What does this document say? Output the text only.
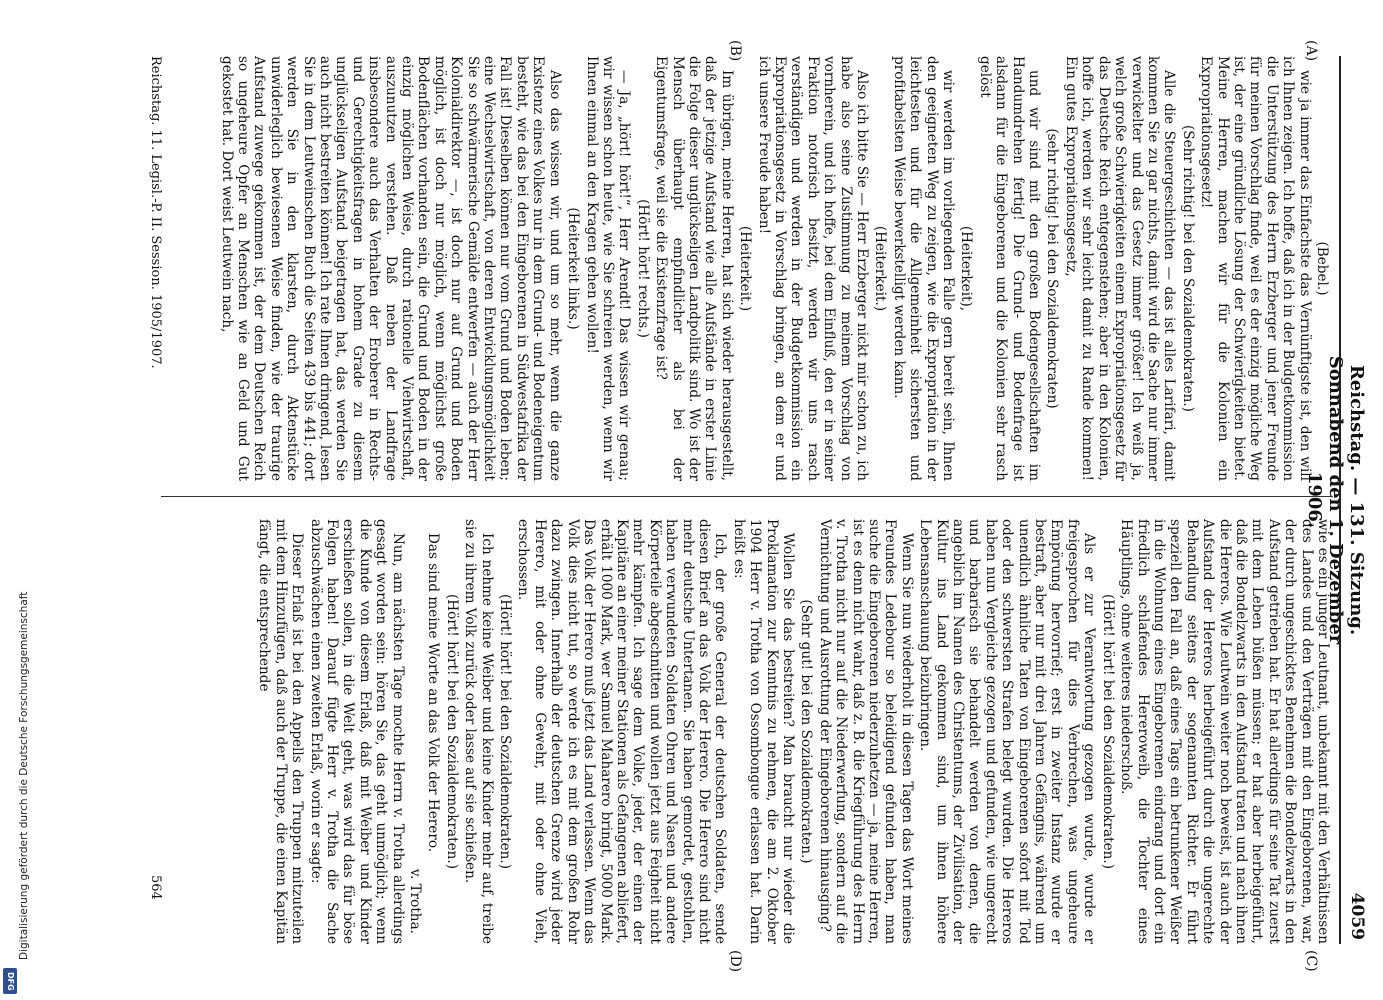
Reichstag. — 131. Sitzung. Sonnabend den 1. Dezember 1906.
4059
(A)
(B)
(C)
(D)

(Bebel.)

wie ja immer das Einfachste das Vernünftigste ist, den will ich Ihnen zeigen. Ich hoffe, daß ich in der Budgetkommission die Unterstützung des Herrn Erzberger und jener Freunde für meinen Vorschlag finde, weil es der einzig mögliche Weg ist, der eine gründliche Lösung der Schwierigkeiten bietet. Meine Herren, machen wir für die Kolonien ein Expropriationsgesetz!

(Sehr richtig! bei den Sozialdemokraten.)

Alle die Steuergeschichten — das ist alles Larifari, damit kommen Sie zu gar nichts, damit wird die Sache nur immer verwickelter und das Gesetz immer größer! Ich weiß ja, welch große Schwierigkeiten einem Expropriationsgesetz für das Deutsche Reich entgegenstehen; aber in den Kolonien, hoffe ich, werden wir sehr leicht damit zu Rande kommen! Ein gutes Expropriationsgesetz,

(sehr richtig! bei den Sozialdemokraten)

und wir sind mit den großen Bodengesellschaften im Handumdrehen fertig! Die Grund- und Bodenfrage ist alsdann für die Eingeborenen und die Kolonien sehr rasch gelöst

(Heiterkeit),

wir werden im vorliegenden Falle gern bereit sein, Ihnen den geeigneten Weg zu zeigen, wie die Expropriation in der leichtesten und für die Allgemeinheit sichersten und profitabelsten Weise bewerkstelligt werden kann.

(Heiterkeit.)

Also ich bitte Sie — Herr Erzberger nickt mir schon zu, ich habe also seine Zustimmung zu meinem Vorschlag von vornherein, und ich hoffe, bei dem Einfluß, den er in seiner Fraktion notorisch besitzt, werden wir uns rasch verständigen und werden in der Budgetkommission ein Expropriationsgesetz in Vorschlag bringen, an dem er und ich unsere Freude haben!

(Heiterkeit.)

Im übrigen, meine Herren, hat sich wieder herausgestellt, daß der jetzige Aufstand wie alle Aufstände in erster Linie die Folge dieser unglückseligen Landpolitik sind. Wo ist der Mensch überhaupt empfindlicher als bei der Eigentumsfrage, weil sie die Existenzfrage ist?

(Hört! hört! rechts.)

— Ja, „hört! hört!“, Herr Arendt! Das wissen wir genau; wir wissen schon heute, wie Sie schreien werden, wenn wir Ihnen einmal an den Kragen gehen wollen!

(Heiterkeit links.)

Also das wissen wir, und um so mehr, wenn die ganze Existenz eines Volkes nur in dem Grund- und Bodeneigentum besteht, wie das bei den Eingeborenen in Südwestafrika der Fall ist! Dieselben können nur vom Grund und Boden leben; eine Wechselwirtschaft, von deren Entwicklungsmöglichkeit Sie so schwärmerische Gemälde entwerfen — auch der Herr Kolonialdirektor —, ist doch nur auf Grund und Boden möglich, ist doch nur möglich, wenn möglichst große Bodenflächen vorhanden sein, die Grund und Boden in der einzig möglichen Weise, durch rationelle Viehwirtschaft, auszunutzen verstehen. Daß neben der Landfrage insbesondere auch das Verhalten der Eroberer in Rechts- und Gerechtigkeitsfragen in hohem Grade zu diesem unglückseligen Aufstand beigetragen hat, das werden Sie auch nicht bestreiten können! Ich rate Ihnen dringend, lesen Sie in dem Leutweinschen Buch die Seiten 439 bis 441; dort werden Sie in den klarsten, durch Aktenstücke unwiderleglich bewiesenen Weise finden, wie der traurige Aufstand zuwege gekommen ist, der dem Deutschen Reich so ungeheure Opfer an Menschen wie an Geld und Gut gekostet hat. Dort weist Leutwein nach,

wie es ein junger Leutnant, unbekannt mit den Verhältnissen des Landes und den Verträgen mit den Eingeborenen, war, der durch ungeschicktes Benehmen die Bondelzwarts in den Aufstand getrieben hat. Er hat allerdings für seine Tat zuerst mit dem Leben büßen müssen; er hat aber herbeigeführt, daß die Bondelzwarts in den Aufstand traten und nach ihnen die Hereros. Wie Leutwein weiter noch beweist, ist auch der Aufstand der Hereros herbeigeführt durch die ungerechte Behandlung seitens der sogenannten Richter. Er führt speziell den Fall an, daß eines Tags ein betrunkener Weißer in die Wohnung eines Eingeborenen eindrang und dort ein friedlich schlafendes Hereroweib, die Tochter eines Häuptlings, ohne weiteres niederschoß.

(Hört! hört! bei den Sozialdemokraten.)

Als er zur Verantwortung gezogen wurde, wurde er freigesprochen für dies Verbrechen, was ungeheure Empörung hervorrief; erst in zweiter Instanz wurde er bestraft, aber nur mit drei Jahren Gefängnis, während um unendlich ähnliche Taten von Eingeborenen sofort mit Tod oder den schwersten Strafen belegt wurden. Die Hereros haben nun Vergleiche gezogen und gefunden, wie ungerecht und barbarisch sie behandelt werden von denen, die angeblich im Namen des Christentums, der Zivilisation, der Kultur ins Land gekommen sind, um ihnen höhere Lebensanschauung beizubringen.

Wenn Sie nun wiederholt in diesen Tagen das Wort meines Freundes Ledebour so beleidigend gefunden haben, man suche die Eingeborenen niederzuhetzen — ja, meine Herren, ist es denn nicht wahr, daß z. B. die Kriegführung des Herrn v. Trotha nicht nur auf die Niederwerfung, sondern auf die Vernichtung und Ausrottung der Eingeborenen hinausging?

(Sehr gut! bei den Sozialdemokraten.)

Wollen Sie das bestreiten? Man braucht nur wieder die Proklamation zur Kenntnis zu nehmen, die am 2. Oktober 1904 Herr v. Trotha von Ossombongue erlassen hat. Darin heißt es:

Ich, der große General der deutschen Soldaten, sende diesen Brief an das Volk der Herero. Die Herero sind nicht mehr deutsche Untertanen. Sie haben gemordet, gestohlen, haben verwundeten Soldaten Ohren und Nasen und andere Körperteile abgeschnitten und wollen jetzt aus Feigheit nicht mehr kämpfen. Ich sage dem Volke, jeder, der einen der Kapitäne an einer meiner Stationen als Gefangenen abliefert, erhält 1000 Mark, wer Samuel Maharero bringt, 5000 Mark. Das Volk der Herero muß jetzt das Land verlassen. Wenn das Volk dies nicht tut, so werde ich es mit dem großen Rohr dazu zwingen. Innerhalb der deutschen Grenze wird jeder Herero, mit oder ohne Gewehr, mit oder ohne Vieh, erschossen.

(Hört! hört! bei den Sozialdemokraten.)

Ich nehme keine Weiber und keine Kinder mehr auf, treibe sie zu ihrem Volk zurück oder lasse auf sie schießen.

(Hört! hört! bei den Sozialdemokraten.)

Das sind meine Worte an das Volk der Herero.

v. Trotha.

Nun, am nächsten Tage mochte Herrn v. Trotha allerdings gesagt worden sein: hören Sie, das geht unmöglich; wenn die Kunde von diesem Erlaß, daß mit Weiber und Kinder erschießen sollen, in die Welt geht, was wird das für böse Folgen haben! Darauf fügte Herr v. Trotha die Sache abzuschwächen einen zweiten Erlaß, worin er sagte:

Dieser Erlaß ist bei den Appells den Truppen mitzuteilen mit dem Hinzufügen, daß auch der Truppe, die einen Kapitän fängt, die entsprechende

Reichstag. 11. Legisl.-P. II. Session. 1905/1907.
564
Digitalisierung gefördert durch die Deutsche Forschungsgemeinschaft
DFG
